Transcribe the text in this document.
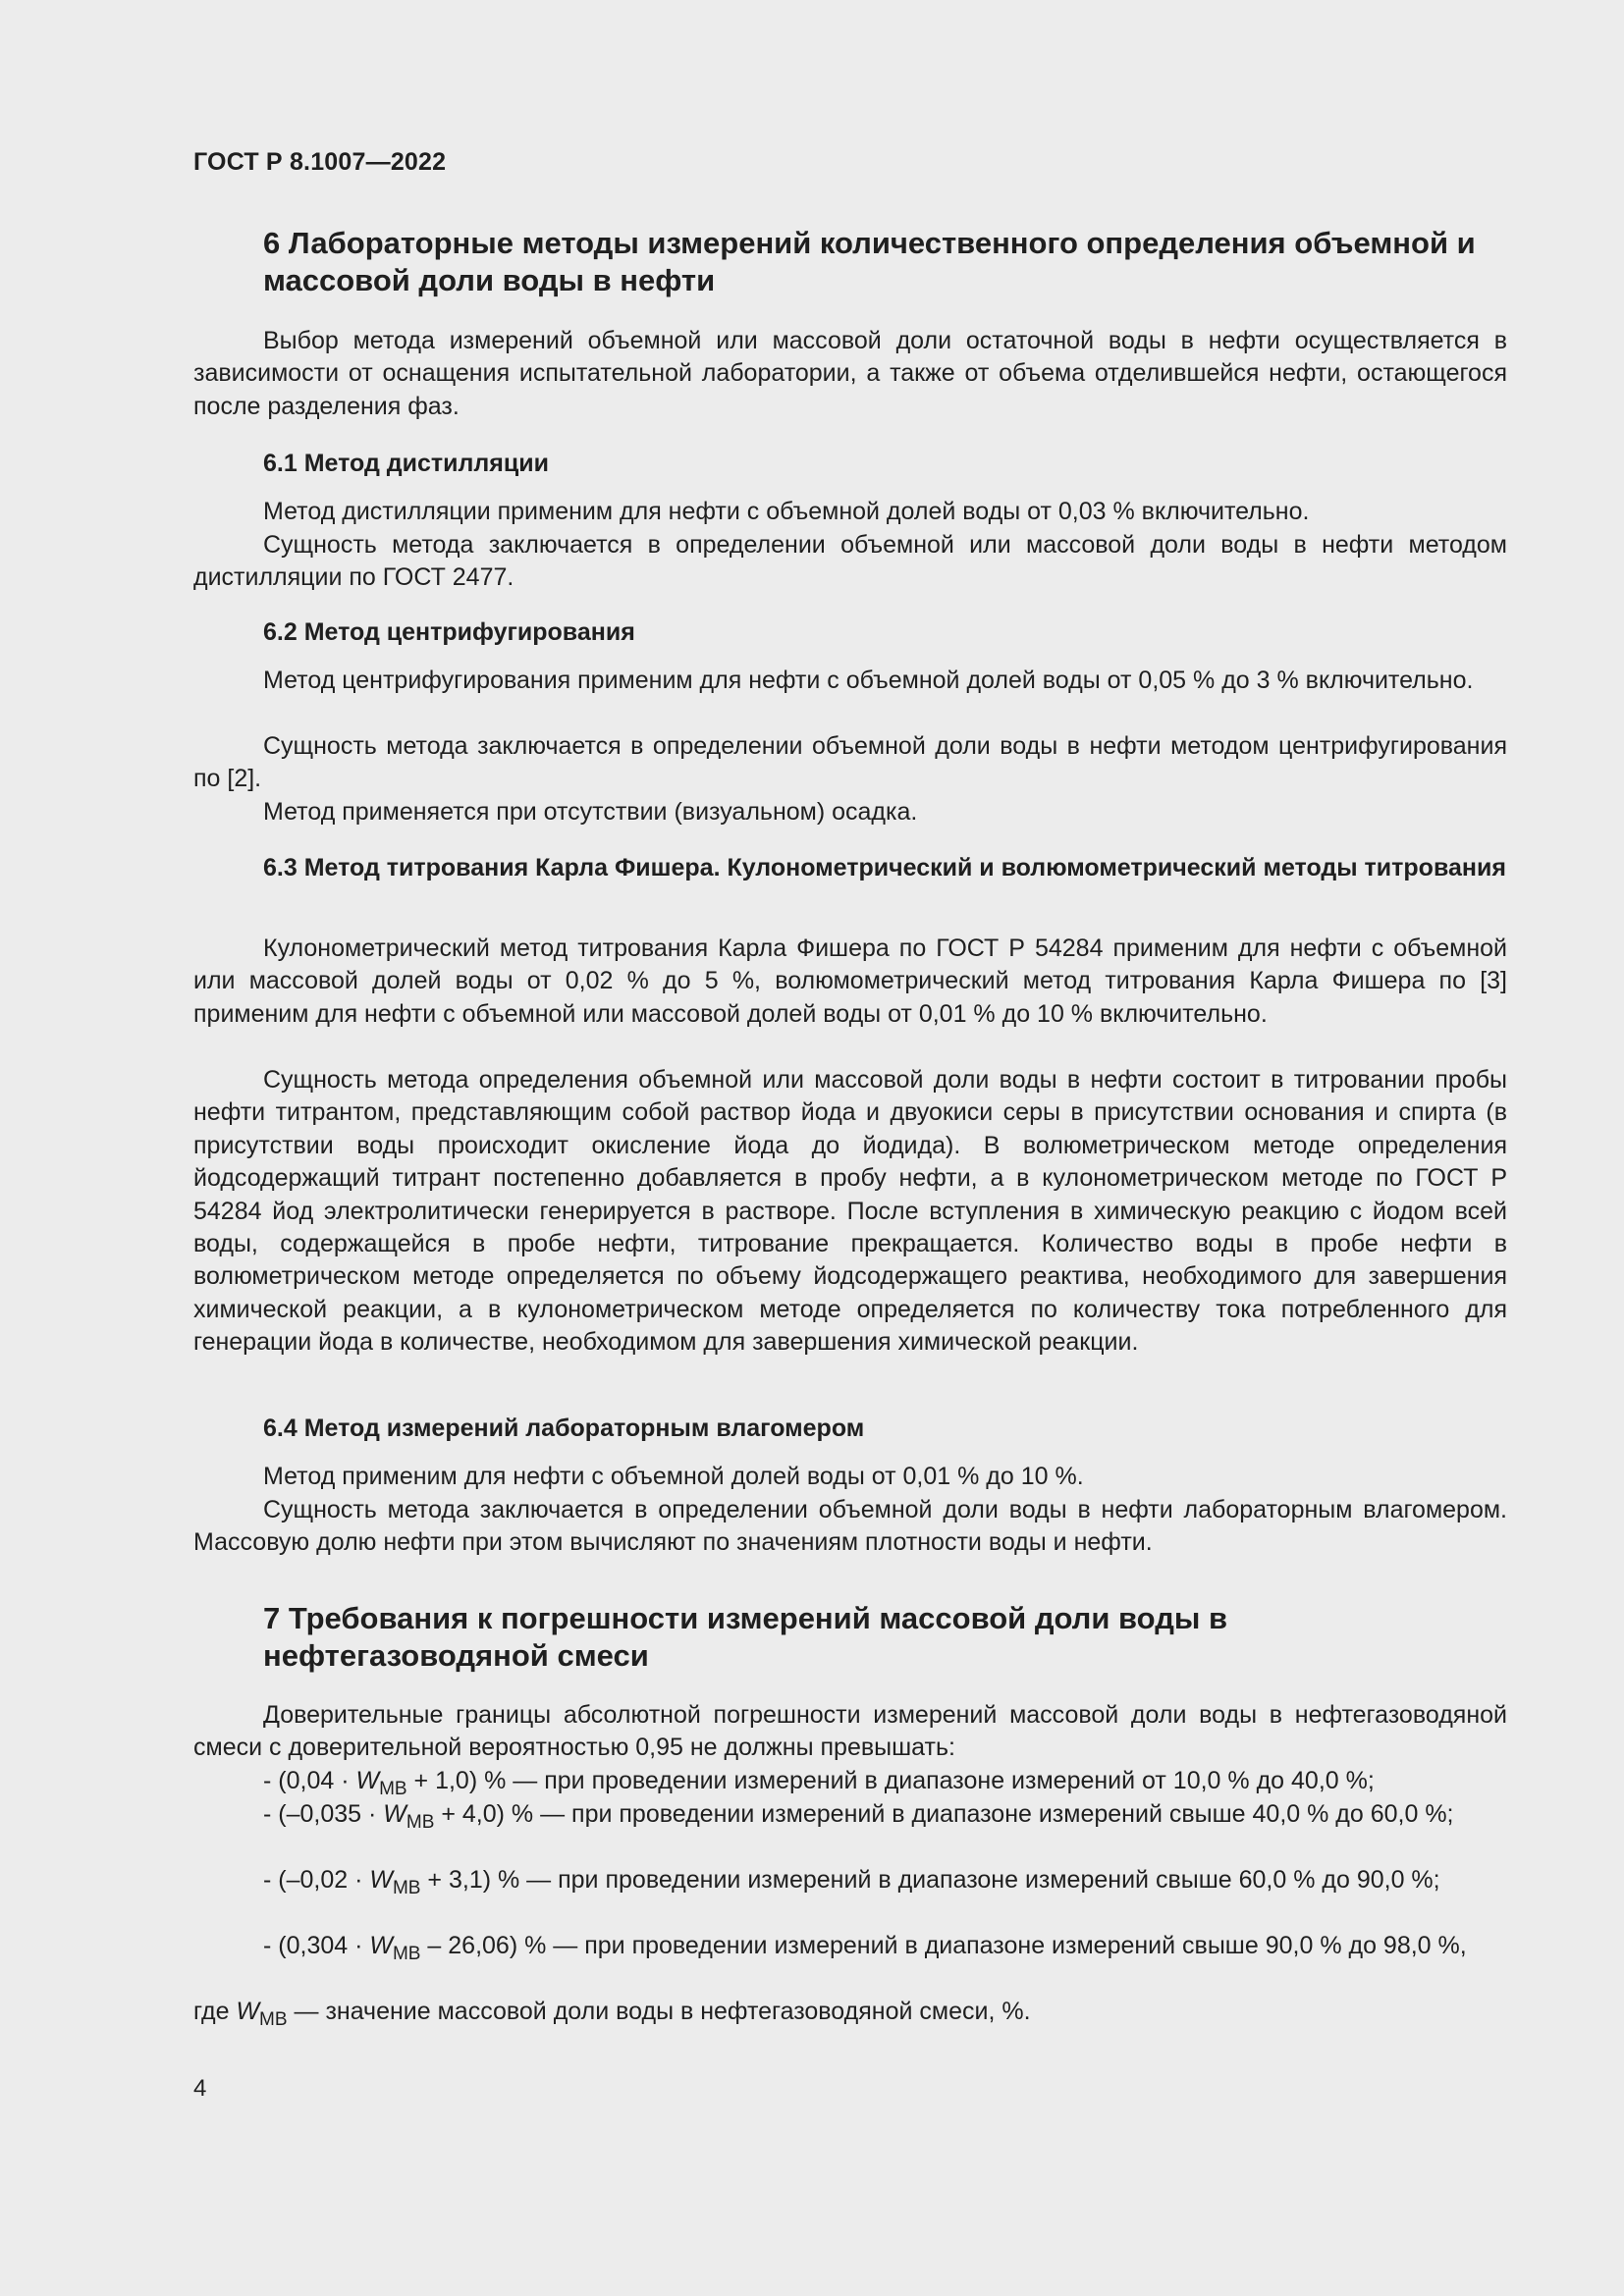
ГОСТ Р 8.1007—2022
6 Лабораторные методы измерений количественного определения объемной и массовой доли воды в нефти
Выбор метода измерений объемной или массовой доли остаточной воды в нефти осуществляется в зависимости от оснащения испытательной лаборатории, а также от объема отделившейся нефти, остающегося после разделения фаз.
6.1 Метод дистилляции
Метод дистилляции применим для нефти с объемной долей воды от 0,03 % включительно.
Сущность метода заключается в определении объемной или массовой доли воды в нефти методом дистилляции по ГОСТ 2477.
6.2 Метод центрифугирования
Метод центрифугирования применим для нефти с объемной долей воды от 0,05 % до 3 % включительно.
Сущность метода заключается в определении объемной доли воды в нефти методом центрифугирования по [2].
Метод применяется при отсутствии (визуальном) осадка.
6.3 Метод титрования Карла Фишера. Кулонометрический и волюмометрический методы титрования
Кулонометрический метод титрования Карла Фишера по ГОСТ Р 54284 применим для нефти с объемной или массовой долей воды от 0,02 % до 5 %, волюмометрический метод титрования Карла Фишера по [3] применим для нефти с объемной или массовой долей воды от 0,01 % до 10 % включительно.
Сущность метода определения объемной или массовой доли воды в нефти состоит в титровании пробы нефти титрантом, представляющим собой раствор йода и двуокиси серы в присутствии основания и спирта (в присутствии воды происходит окисление йода до йодида). В волюметрическом методе определения йодсодержащий титрант постепенно добавляется в пробу нефти, а в кулонометрическом методе по ГОСТ Р 54284 йод электролитически генерируется в растворе. После вступления в химическую реакцию с йодом всей воды, содержащейся в пробе нефти, титрование прекращается. Количество воды в пробе нефти в волюметрическом методе определяется по объему йодсодержащего реактива, необходимого для завершения химической реакции, а в кулонометрическом методе определяется по количеству тока потребленного для генерации йода в количестве, необходимом для завершения химической реакции.
6.4 Метод измерений лабораторным влагомером
Метод применим для нефти с объемной долей воды от 0,01 % до 10 %.
Сущность метода заключается в определении объемной доли воды в нефти лабораторным влагомером. Массовую долю нефти при этом вычисляют по значениям плотности воды и нефти.
7 Требования к погрешности измерений массовой доли воды в нефтегазоводяной смеси
Доверительные границы абсолютной погрешности измерений массовой доли воды в нефтегазоводяной смеси с доверительной вероятностью 0,95 не должны превышать:
- $(0,04 \cdot W_{МВ} + 1,0)$ % — при проведении измерений в диапазоне измерений от 10,0 % до 40,0 %;
- $(-0,035 \cdot W_{МВ} + 4,0)$ % — при проведении измерений в диапазоне измерений свыше 40,0 % до 60,0 %;
- $(-0,02 \cdot W_{МВ} + 3,1)$ % — при проведении измерений в диапазоне измерений свыше 60,0 % до 90,0 %;
- $(0,304 \cdot W_{МВ} - 26,06)$ % — при проведении измерений в диапазоне измерений свыше 90,0 % до 98,0 %,
где $W_{МВ}$ — значение массовой доли воды в нефтегазоводяной смеси, %.
4
